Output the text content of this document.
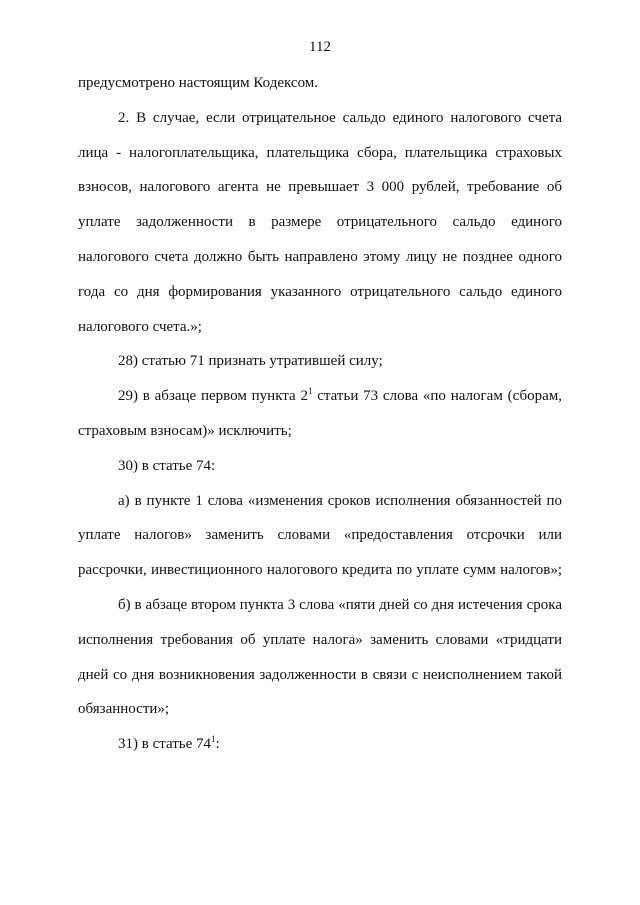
112
предусмотрено настоящим Кодексом.
2. В случае, если отрицательное сальдо единого налогового счета
лица - налогоплательщика, плательщика сбора, плательщика страховых
взносов, налогового агента не превышает 3 000 рублей, требование об
уплате задолженности в размере отрицательного сальдо единого
налогового счета должно быть направлено этому лицу не позднее одного
года со дня формирования указанного отрицательного сальдо единого
налогового счета.»;
28) статью 71 признать утратившей силу;
29) в абзаце первом пункта $2^1$ статьи 73 слова «по налогам (сборам,
страховым взносам)» исключить;
30) в статье 74:
а) в пункте 1 слова «изменения сроков исполнения обязанностей по
уплате налогов» заменить словами «предоставления отсрочки или
рассрочки, инвестиционного налогового кредита по уплате сумм налогов»;
б) в абзаце втором пункта 3 слова «пяти дней со дня истечения срока
исполнения требования об уплате налога» заменить словами «тридцати
дней со дня возникновения задолженности в связи с неисполнением такой
обязанности»;
31) в статье $74^1$:
